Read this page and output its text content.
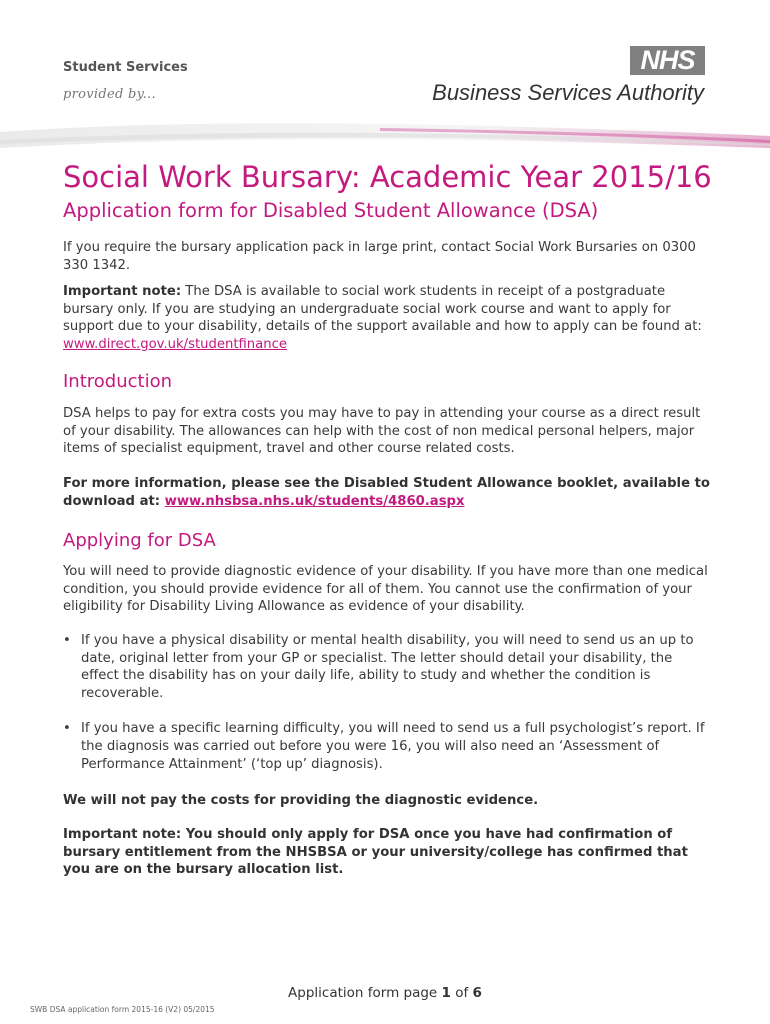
Student Services
provided by...
NHS
Business Services Authority
Social Work Bursary: Academic Year 2015/16
Application form for Disabled Student Allowance (DSA)

If you require the bursary application pack in large print, contact Social Work Bursaries on 0300 330 1342.

Important note: The DSA is available to social work students in receipt of a postgraduate bursary only. If you are studying an undergraduate social work course and want to apply for support due to your disability, details of the support available and how to apply can be found at: www.direct.gov.uk/studentfinance

Introduction

DSA helps to pay for extra costs you may have to pay in attending your course as a direct result of your disability. The allowances can help with the cost of non medical personal helpers, major items of specialist equipment, travel and other course related costs.

For more information, please see the Disabled Student Allowance booklet, available to download at: www.nhsbsa.nhs.uk/students/4860.aspx

Applying for DSA

You will need to provide diagnostic evidence of your disability. If you have more than one medical condition, you should provide evidence for all of them. You cannot use the confirmation of your eligibility for Disability Living Allowance as evidence of your disability.

• If you have a physical disability or mental health disability, you will need to send us an up to date, original letter from your GP or specialist. The letter should detail your disability, the effect the disability has on your daily life, ability to study and whether the condition is recoverable.
• If you have a specific learning difficulty, you will need to send us a full psychologist’s report. If the diagnosis was carried out before you were 16, you will also need an ‘Assessment of Performance Attainment’ (‘top up’ diagnosis).

We will not pay the costs for providing the diagnostic evidence.

Important note: You should only apply for DSA once you have had confirmation of bursary entitlement from the NHSBSA or your university/college has confirmed that you are on the bursary allocation list.

Application form page 1 of 6
SWB DSA application form 2015-16 (V2) 05/2015
